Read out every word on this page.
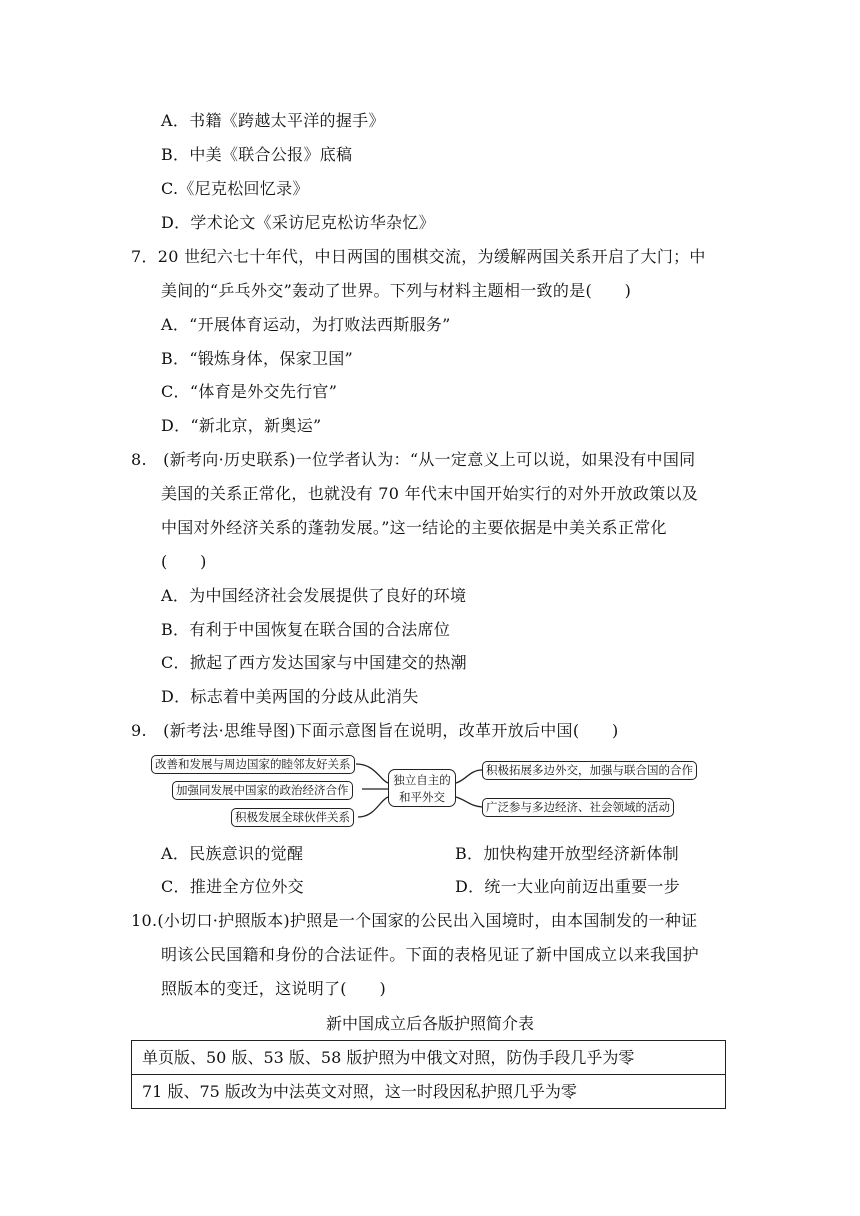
A．书籍《跨越太平洋的握手》
B．中美《联合公报》底稿
C.《尼克松回忆录》
D．学术论文《采访尼克松访华杂忆》
7．20 世纪六七十年代，中日两国的围棋交流，为缓解两国关系开启了大门；中
美间的“乒乓外交”轰动了世界。下列与材料主题相一致的是(　　)
A．“开展体育运动，为打败法西斯服务”
B．“锻炼身体，保家卫国”
C．“体育是外交先行官”
D．“新北京，新奥运”
8.　(新考向·历史联系)一位学者认为：“从一定意义上可以说，如果没有中国同
美国的关系正常化，也就没有 70 年代末中国开始实行的对外开放政策以及
中国对外经济关系的蓬勃发展。”这一结论的主要依据是中美关系正常化
(　　)
A．为中国经济社会发展提供了良好的环境
B．有利于中国恢复在联合国的合法席位
C．掀起了西方发达国家与中国建交的热潮
D．标志着中美两国的分歧从此消失
9.　(新考法·思维导图)下面示意图旨在说明，改革开放后中国(　　)
改善和发展与周边国家的睦邻友好关系
加强同发展中国家的政治经济合作
积极发展全球伙伴关系
独立自主的
和平外交
积极拓展多边外交，加强与联合国的合作
广泛参与多边经济、社会领域的活动
A．民族意识的觉醒	B．加快构建开放型经济新体制
C．推进全方位外交	D．统一大业向前迈出重要一步
10.(小切口·护照版本)护照是一个国家的公民出入国境时，由本国制发的一种证
明该公民国籍和身份的合法证件。下面的表格见证了新中国成立以来我国护
照版本的变迁，这说明了(　　)
新中国成立后各版护照简介表
单页版、50 版、53 版、58 版护照为中俄文对照，防伪手段几乎为零
71 版、75 版改为中法英文对照，这一时段因私护照几乎为零
